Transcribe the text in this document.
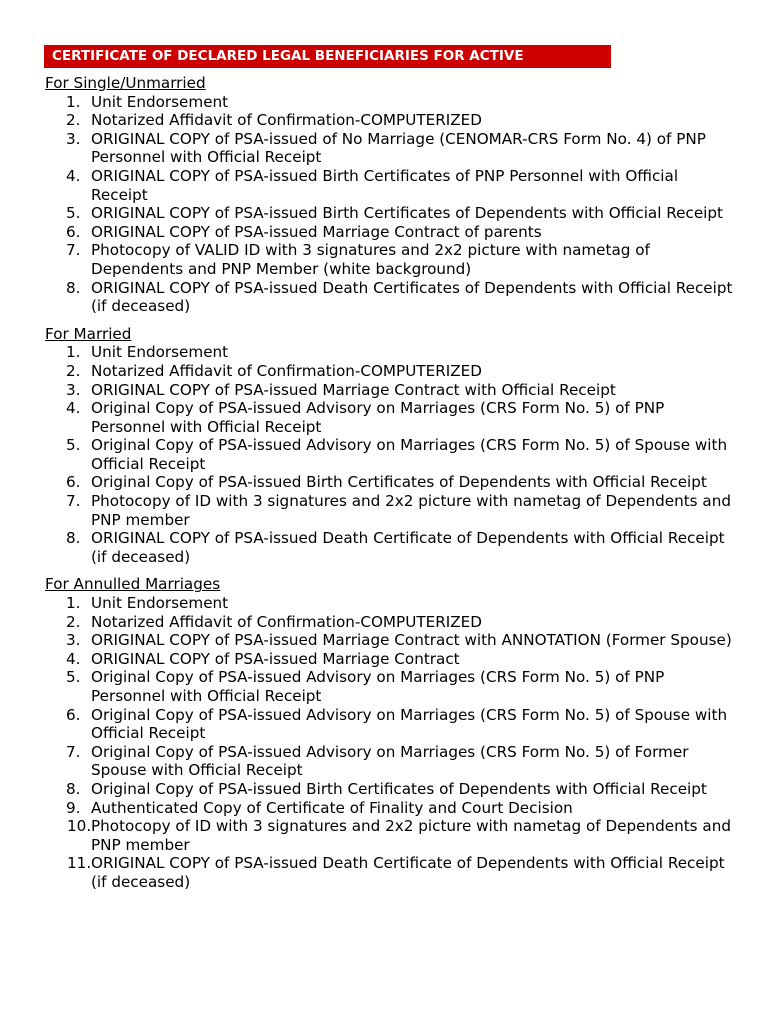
CERTIFICATE OF DECLARED LEGAL BENEFICIARIES FOR ACTIVE
For Single/Unmarried
1. Unit Endorsement
2. Notarized Affidavit of Confirmation-COMPUTERIZED
3. ORIGINAL COPY of PSA-issued of No Marriage (CENOMAR-CRS Form No. 4) of PNP Personnel with Official Receipt
4. ORIGINAL COPY of PSA-issued Birth Certificates of PNP Personnel with Official Receipt
5. ORIGINAL COPY of PSA-issued Birth Certificates of Dependents with Official Receipt
6. ORIGINAL COPY of PSA-issued Marriage Contract of parents
7. Photocopy of VALID ID with 3 signatures and 2x2 picture with nametag of Dependents and PNP Member (white background)
8. ORIGINAL COPY of PSA-issued Death Certificates of Dependents with Official Receipt (if deceased)
For Married
1. Unit Endorsement
2. Notarized Affidavit of Confirmation-COMPUTERIZED
3. ORIGINAL COPY of PSA-issued Marriage Contract with Official Receipt
4. Original Copy of PSA-issued Advisory on Marriages (CRS Form No. 5) of PNP Personnel with Official Receipt
5. Original Copy of PSA-issued Advisory on Marriages (CRS Form No. 5) of Spouse with Official Receipt
6. Original Copy of PSA-issued Birth Certificates of Dependents with Official Receipt
7. Photocopy of ID with 3 signatures and 2x2 picture with nametag of Dependents and PNP member
8. ORIGINAL COPY of PSA-issued Death Certificate of Dependents with Official Receipt (if deceased)
For Annulled Marriages
1. Unit Endorsement
2. Notarized Affidavit of Confirmation-COMPUTERIZED
3. ORIGINAL COPY of PSA-issued Marriage Contract with ANNOTATION (Former Spouse)
4. ORIGINAL COPY of PSA-issued Marriage Contract
5. Original Copy of PSA-issued Advisory on Marriages (CRS Form No. 5) of PNP Personnel with Official Receipt
6. Original Copy of PSA-issued Advisory on Marriages (CRS Form No. 5) of Spouse with Official Receipt
7. Original Copy of PSA-issued Advisory on Marriages (CRS Form No. 5) of Former Spouse with Official Receipt
8. Original Copy of PSA-issued Birth Certificates of Dependents with Official Receipt
9. Authenticated Copy of Certificate of Finality and Court Decision
10. Photocopy of ID with 3 signatures and 2x2 picture with nametag of Dependents and PNP member
11. ORIGINAL COPY of PSA-issued Death Certificate of Dependents with Official Receipt (if deceased)
